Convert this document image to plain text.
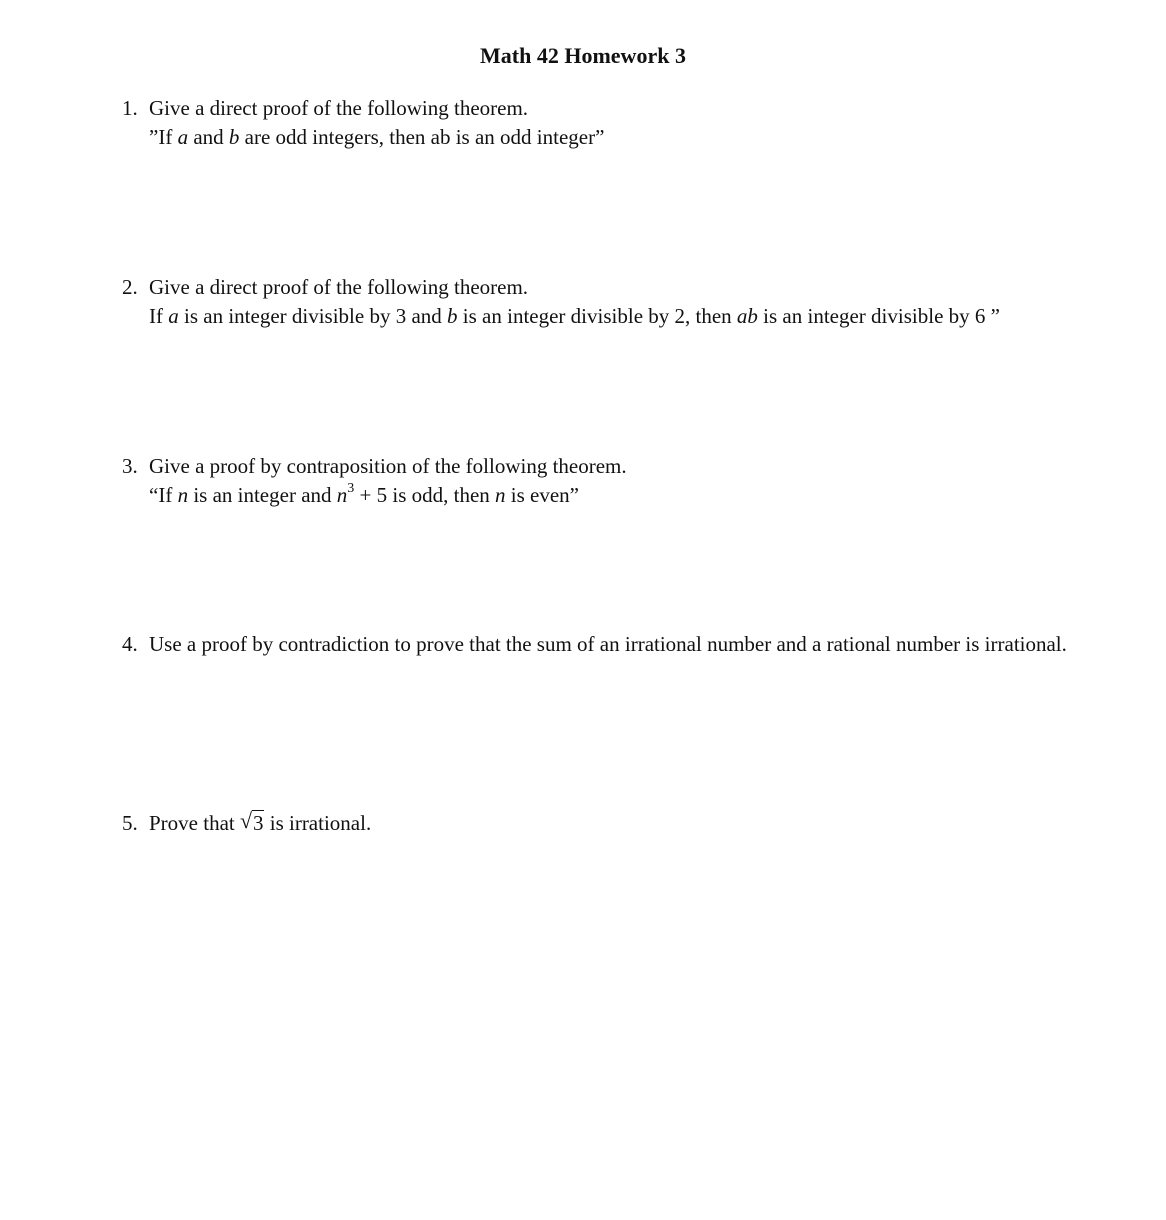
Math 42 Homework 3
1. Give a direct proof of the following theorem.
”If a and b are odd integers, then ab is an odd integer”
2. Give a direct proof of the following theorem.
If a is an integer divisible by 3 and b is an integer divisible by 2, then ab is an integer divisible by 6 ”
3. Give a proof by contraposition of the following theorem.
“If n is an integer and $n^3 + 5$ is odd, then n is even”
4. Use a proof by contradiction to prove that the sum of an irrational number and a rational number is irrational.
5. Prove that √ 3 is irrational.
